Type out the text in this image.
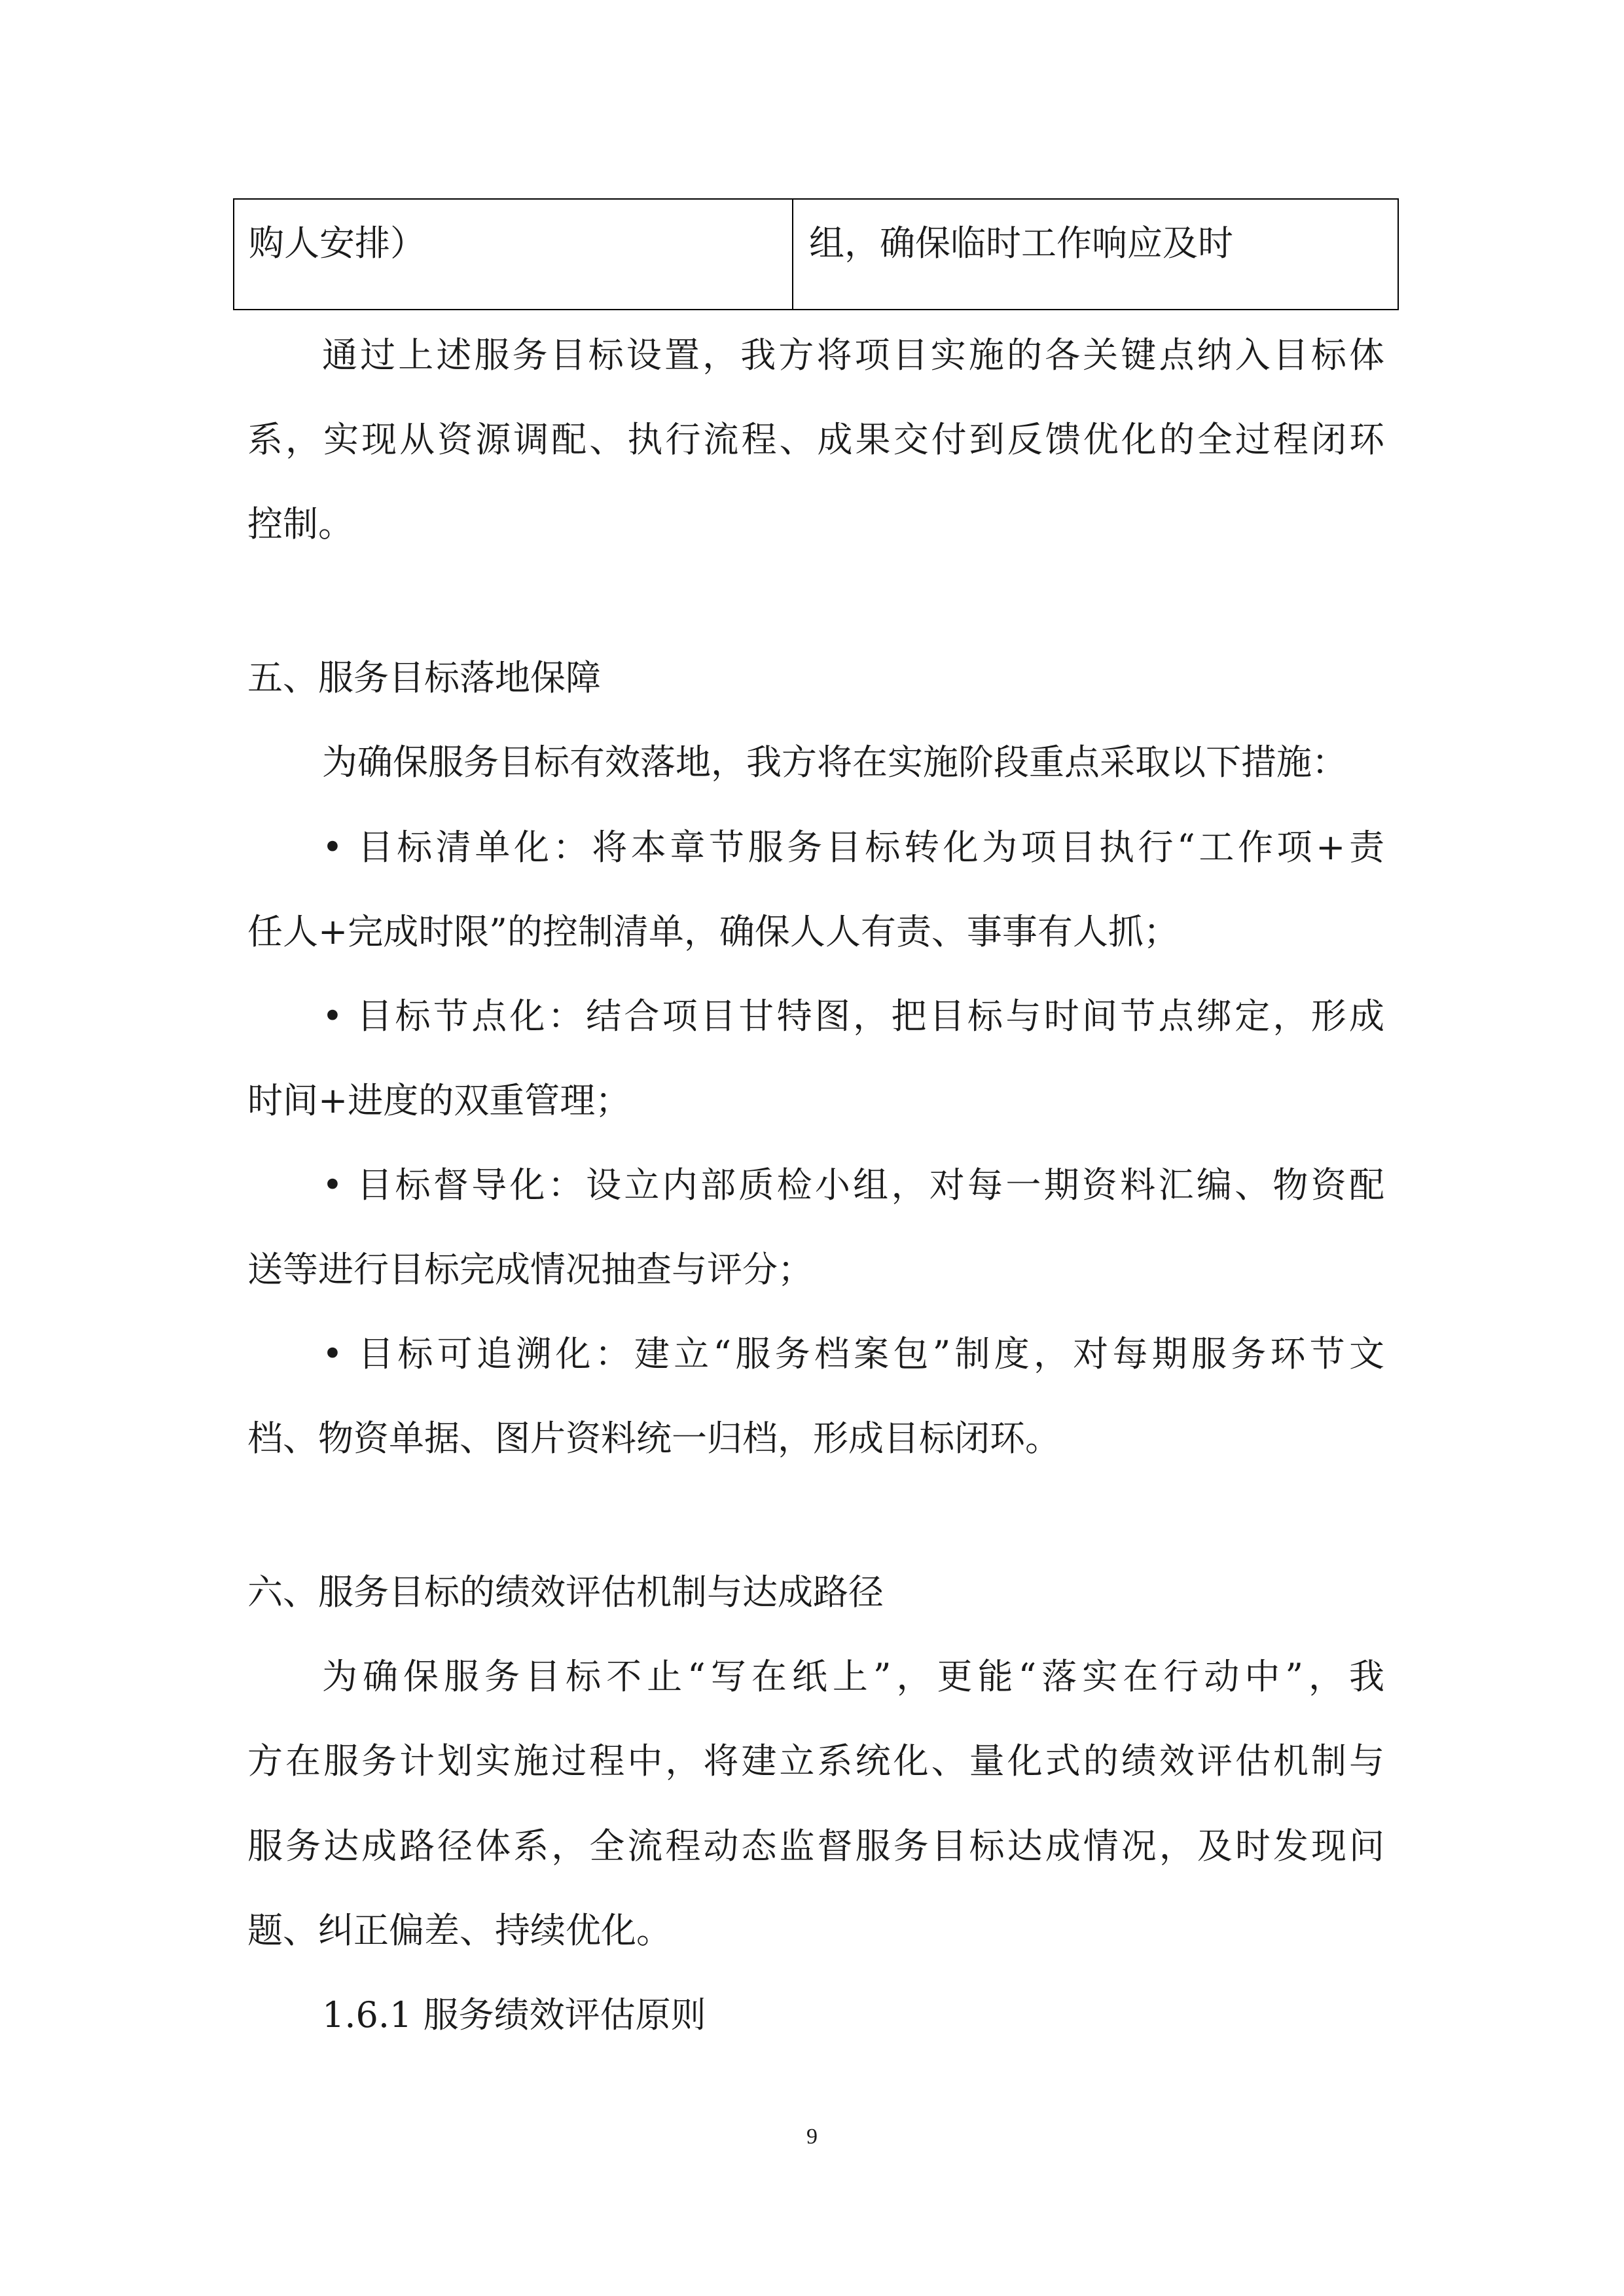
购人安排）	组，确保临时工作响应及时
通过上述服务目标设置，我方将项目实施的各关键点纳入目标体
系，实现从资源调配、执行流程、成果交付到反馈优化的全过程闭环
控制。
五、服务目标落地保障
为确保服务目标有效落地，我方将在实施阶段重点采取以下措施：
• 目标清单化：将本章节服务目标转化为项目执行“工作项+责
任人+完成时限”的控制清单，确保人人有责、事事有人抓；
• 目标节点化：结合项目甘特图，把目标与时间节点绑定，形成
时间+进度的双重管理；
• 目标督导化：设立内部质检小组，对每一期资料汇编、物资配
送等进行目标完成情况抽查与评分；
• 目标可追溯化：建立“服务档案包”制度，对每期服务环节文
档、物资单据、图片资料统一归档，形成目标闭环。
六、服务目标的绩效评估机制与达成路径
为确保服务目标不止“写在纸上”，更能“落实在行动中”，我
方在服务计划实施过程中，将建立系统化、量化式的绩效评估机制与
服务达成路径体系，全流程动态监督服务目标达成情况，及时发现问
题、纠正偏差、持续优化。
1.6.1 服务绩效评估原则
9
